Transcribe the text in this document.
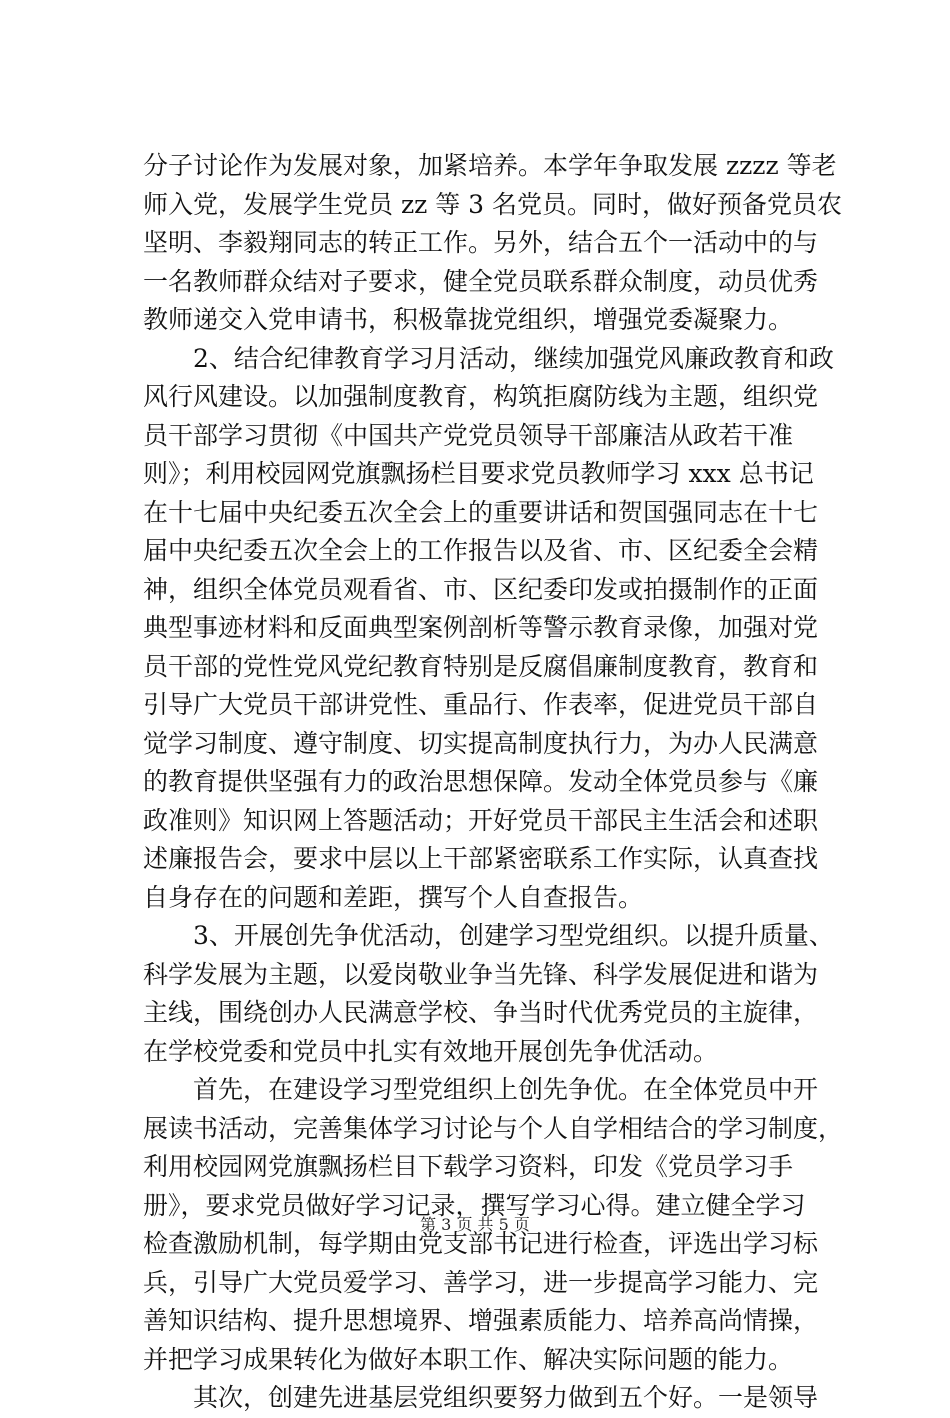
分子讨论作为发展对象，加紧培养。本学年争取发展 zzzz 等老
师入党，发展学生党员 zz 等 3 名党员。同时，做好预备党员农
坚明、李毅翔同志的转正工作。另外，结合五个一活动中的与
一名教师群众结对子要求，健全党员联系群众制度，动员优秀
教师递交入党申请书，积极靠拢党组织，增强党委凝聚力。
　　2、结合纪律教育学习月活动，继续加强党风廉政教育和政
风行风建设。以加强制度教育，构筑拒腐防线为主题，组织党
员干部学习贯彻《中国共产党党员领导干部廉洁从政若干准
则》；利用校园网党旗飘扬栏目要求党员教师学习 xxx 总书记
在十七届中央纪委五次全会上的重要讲话和贺国强同志在十七
届中央纪委五次全会上的工作报告以及省、市、区纪委全会精
神，组织全体党员观看省、市、区纪委印发或拍摄制作的正面
典型事迹材料和反面典型案例剖析等警示教育录像，加强对党
员干部的党性党风党纪教育特别是反腐倡廉制度教育，教育和
引导广大党员干部讲党性、重品行、作表率，促进党员干部自
觉学习制度、遵守制度、切实提高制度执行力，为办人民满意
的教育提供坚强有力的政治思想保障。发动全体党员参与《廉
政准则》知识网上答题活动；开好党员干部民主生活会和述职
述廉报告会，要求中层以上干部紧密联系工作实际，认真查找
自身存在的问题和差距，撰写个人自查报告。
　　3、开展创先争优活动，创建学习型党组织。以提升质量、
科学发展为主题，以爱岗敬业争当先锋、科学发展促进和谐为
主线，围绕创办人民满意学校、争当时代优秀党员的主旋律，
在学校党委和党员中扎实有效地开展创先争优活动。
　　首先，在建设学习型党组织上创先争优。在全体党员中开
展读书活动，完善集体学习讨论与个人自学相结合的学习制度，
利用校园网党旗飘扬栏目下载学习资料，印发《党员学习手
册》，要求党员做好学习记录，撰写学习心得。建立健全学习
检查激励机制，每学期由党支部书记进行检查，评选出学习标
兵，引导广大党员爱学习、善学习，进一步提高学习能力、完
善知识结构、提升思想境界、增强素质能力、培养高尚情操，
并把学习成果转化为做好本职工作、解决实际问题的能力。
　　其次，创建先进基层党组织要努力做到五个好。一是领导
第 3 页 共 5 页
